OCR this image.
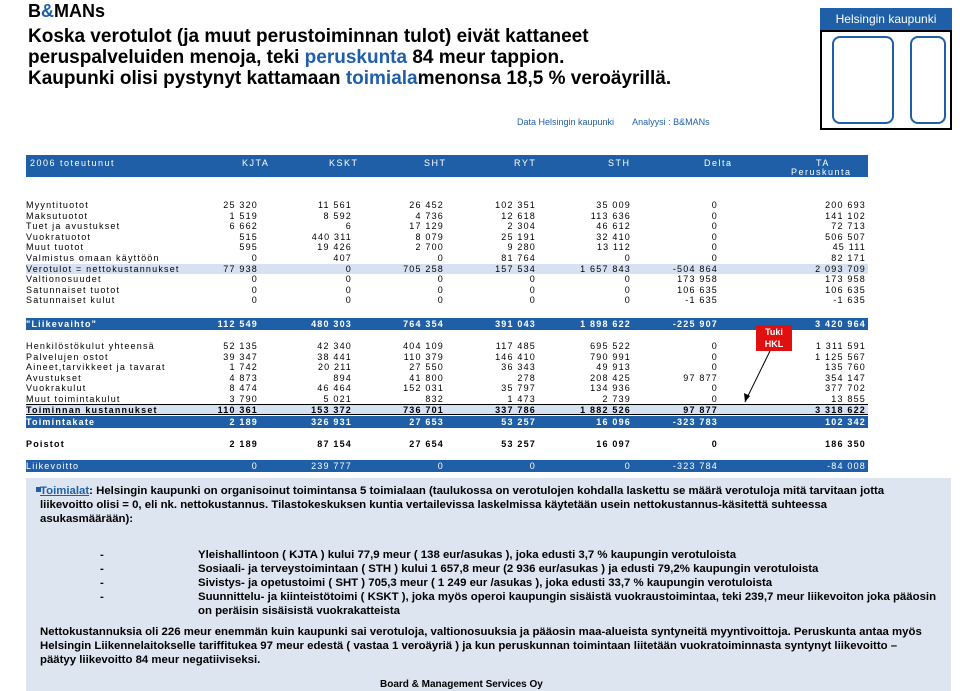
B&MANs
Koska verotulot (ja muut perustoiminnan tulot) eivät kattaneet
peruspalveluiden menoja, teki peruskunta 84 meur tappion.
Kaupunki olisi pystynyt kattamaan toimialamenonsa 18,5 % veroäyrillä.
Helsingin kaupunki
Data Helsingin kaupunki Analyysi : B&MANs
2006 toteutunut	KJTA	KSKT	SHT	RYT	STH	Delta	TA
Peruskunta
Myyntituotot	25 320	11 561	26 452	102 351	35 009	0	200 693
Maksutuotot	1 519	8 592	4 736	12 618	113 636	0	141 102
Tuet ja avustukset	6 662	6	17 129	2 304	46 612	0	72 713
Vuokratuotot	515	440 311	8 079	25 191	32 410	0	506 507
Muut tuotot	595	19 426	2 700	9 280	13 112	0	45 111
Valmistus omaan käyttöön	0	407	0	81 764	0	0	82 171
Verotulot = nettokustannukset	77 938	0	705 258	157 534	1 657 843	-504 864	2 093 709
Valtionosuudet	0	0	0	0	0	173 958	173 958
Satunnaiset tuotot	0	0	0	0	0	106 635	106 635
Satunnaiset kulut	0	0	0	0	0	-1 635	-1 635
"Liikevaihto"	112 549	480 303	764 354	391 043	1 898 622	-225 907	3 420 964
Henkilöstökulut yhteensä	52 135	42 340	404 109	117 485	695 522	0	1 311 591
Palvelujen ostot	39 347	38 441	110 379	146 410	790 991	0	1 125 567
Aineet,tarvikkeet ja tavarat	1 742	20 211	27 550	36 343	49 913	0	135 760
Avustukset	4 873	894	41 800	278	208 425	97 877	354 147
Vuokrakulut	8 474	46 464	152 031	35 797	134 936	0	377 702
Muut toimintakulut	3 790	5 021	832	1 473	2 739	0	13 855
Toiminnan kustannukset	110 361	153 372	736 701	337 786	1 882 526	97 877	3 318 622
Toimintakate	2 189	326 931	27 653	53 257	16 096	-323 783	102 342
Poistot	2 189	87 154	27 654	53 257	16 097	0	186 350
Liikevoitto	0	239 777	0	0	0	-323 784	-84 008
Tuki
HKL

Toimialat: Helsingin kaupunki on organisoinut toimintansa 5 toimialaan (taulukossa on verotulojen kohdalla laskettu se määrä verotuloja mitä tarvitaan jotta liikevoitto olisi = 0, eli nk. nettokustannus. Tilastokeskuksen kuntia vertailevissa laskelmissa käytetään usein nettokustannus-käsitettä suhteessa asukasmäärään):

-	Yleishallintoon ( KJTA ) kului 77,9 meur ( 138 eur/asukas ), joka edusti 3,7 % kaupungin verotuloista

-	Sosiaali- ja terveystoimintaan ( STH ) kului 1 657,8 meur (2 936 eur/asukas ) ja edusti 79,2% kaupungin verotuloista

-	Sivistys- ja opetustoimi ( SHT ) 705,3 meur ( 1 249 eur /asukas ), joka edusti 33,7 % kaupungin verotuloista

-	Suunnittelu- ja kiinteistötoimi ( KSKT ), joka myös operoi kaupungin sisäistä vuokraustoimintaa, teki 239,7 meur liikevoiton joka pääosin on peräisin sisäisistä vuokrakatteista

Nettokustannuksia oli 226 meur enemmän kuin kaupunki sai verotuloja, valtionosuuksia ja pääosin maa-alueista syntyneitä myyntivoittoja. Peruskunta antaa myös Helsingin Liikennelaitokselle tariffitukea 97 meur edestä ( vastaa 1 veroäyriä ) ja kun peruskunnan toimintaan liitetään vuokratoiminnasta syntynyt liikevoitto – päätyy liikevoitto 84 meur negatiiviseksi.

Board & Management Services Oy
